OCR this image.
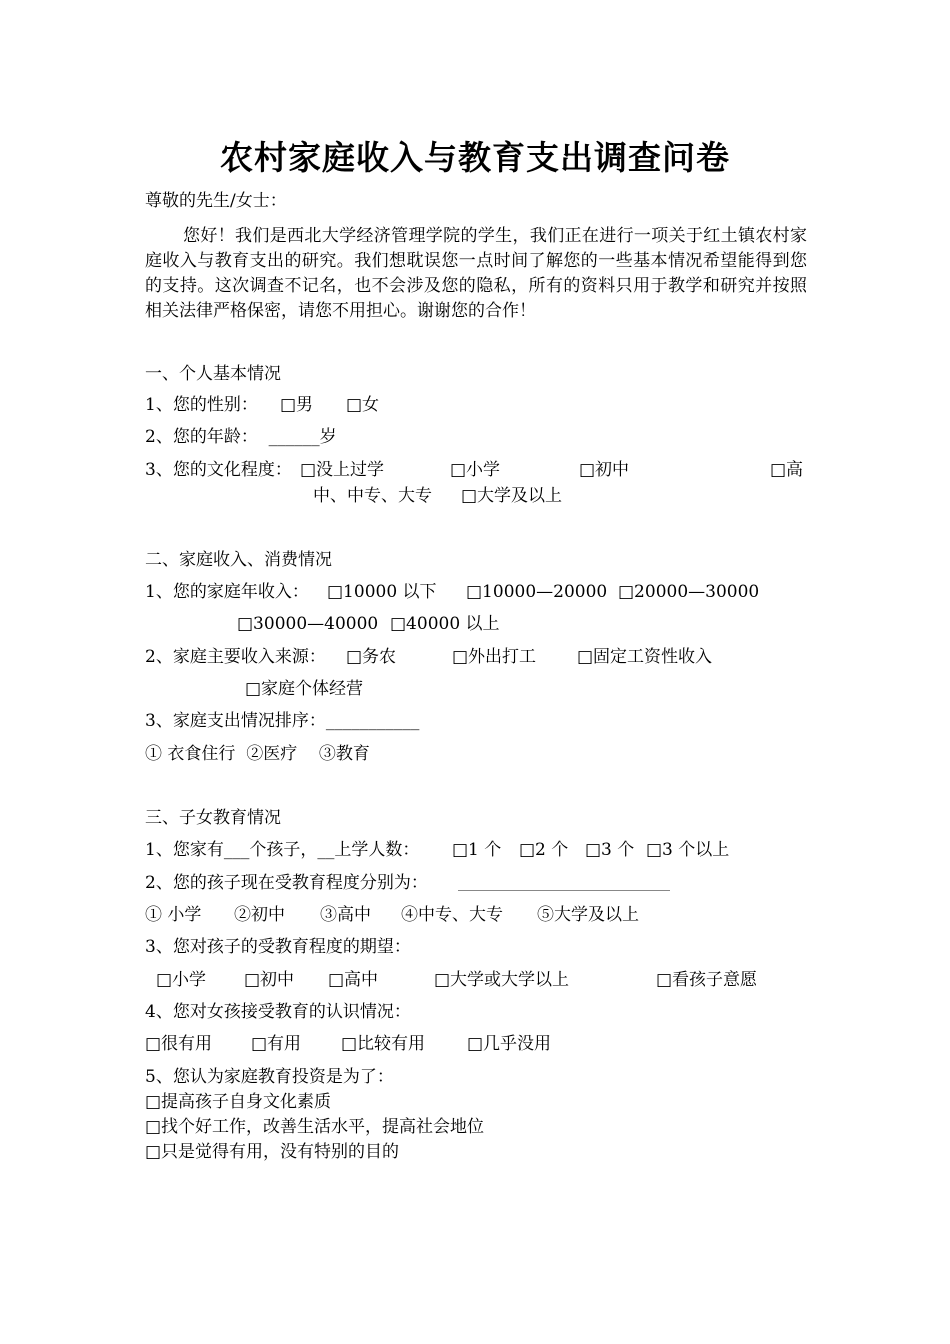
农村家庭收入与教育支出调查问卷
尊敬的先生/女士：
您好！我们是西北大学经济管理学院的学生，我们正在进行一项关于红土镇农村家庭收入与教育支出的研究。我们想耽误您一点时间了解您的一些基本情况希望能得到您的支持。这次调查不记名，也不会涉及您的隐私，所有的资料只用于教学和研究并按照相关法律严格保密，请您不用担心。谢谢您的合作！
一、个人基本情况
1、您的性别： □男 □女
2、您的年龄： ______岁
3、您的文化程度： □没上过学	□小学	□初中	□高
中、中专、大专 □大学及以上
二、家庭收入、消费情况
1、您的家庭年收入： □10000 以下 □10000—20000 □20000—30000
□30000—40000 □40000 以上
2、家庭主要收入来源： □务农	□外出打工 □固定工资性收入
□家庭个体经营
3、家庭支出情况排序：___________
① 衣食住行  ②医疗    ③教育
三、子女教育情况
1、您家有___个孩子，__上学人数： □1 个 □2 个 □3 个 □3 个以上
2、您的孩子现在受教育程度分别为：
① 小学 ②初中 ③高中 ④中专、大专 ⑤大学及以上
3、您对孩子的受教育程度的期望：
□小学 □初中 □高中	□大学或大学以上	□看孩子意愿
4、您对女孩接受教育的认识情况：
□很有用 □有用 □比较有用 □几乎没用
5、您认为家庭教育投资是为了：
□提高孩子自身文化素质
□找个好工作，改善生活水平，提高社会地位
□只是觉得有用，没有特别的目的
